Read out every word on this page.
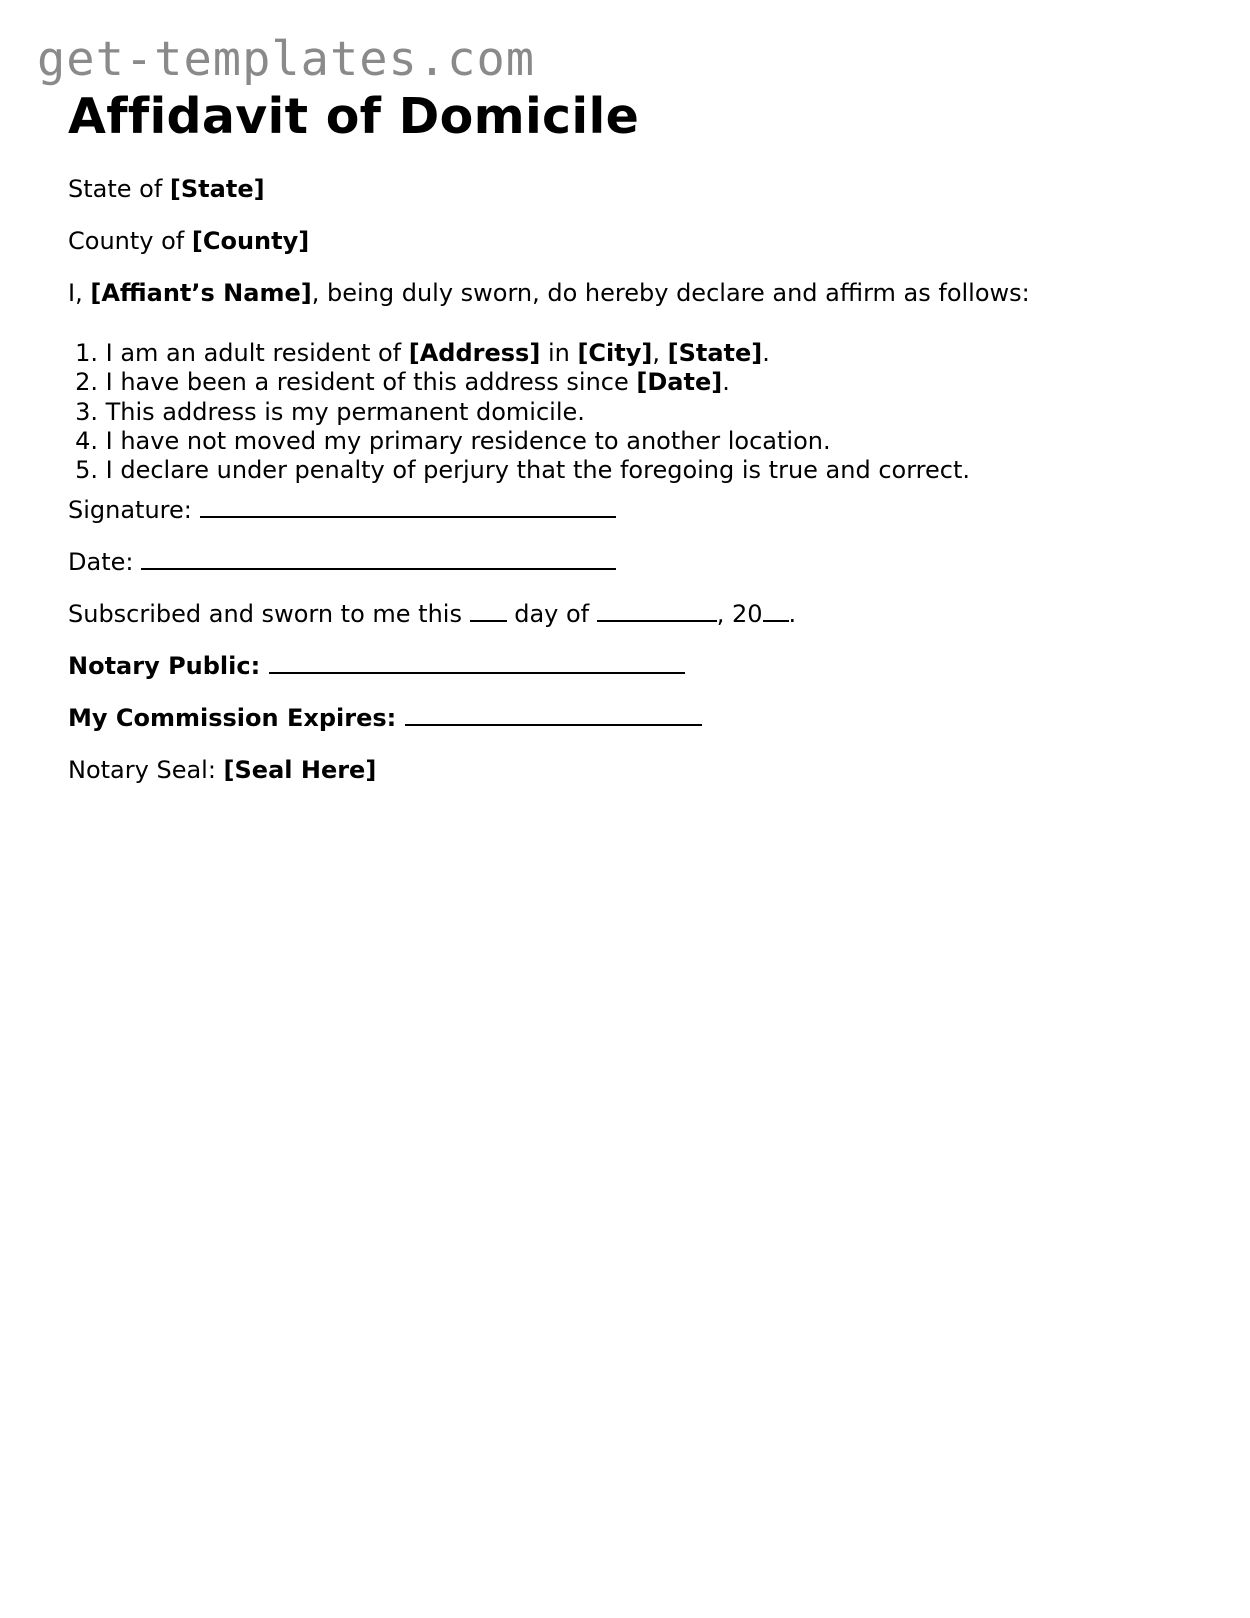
get-templates.com
Affidavit of Domicile

State of [State]

County of [County]

I, [Affiant’s Name], being duly sworn, do hereby declare and affirm as follows:

1. I am an adult resident of [Address] in [City], [State].
2. I have been a resident of this address since [Date].
3. This address is my permanent domicile.
4. I have not moved my primary residence to another location.
5. I declare under penalty of perjury that the foregoing is true and correct.

Signature:

Date:

Subscribed and sworn to me this  day of	, 20 .

Notary Public:

My Commission Expires:

Notary Seal: [Seal Here]
